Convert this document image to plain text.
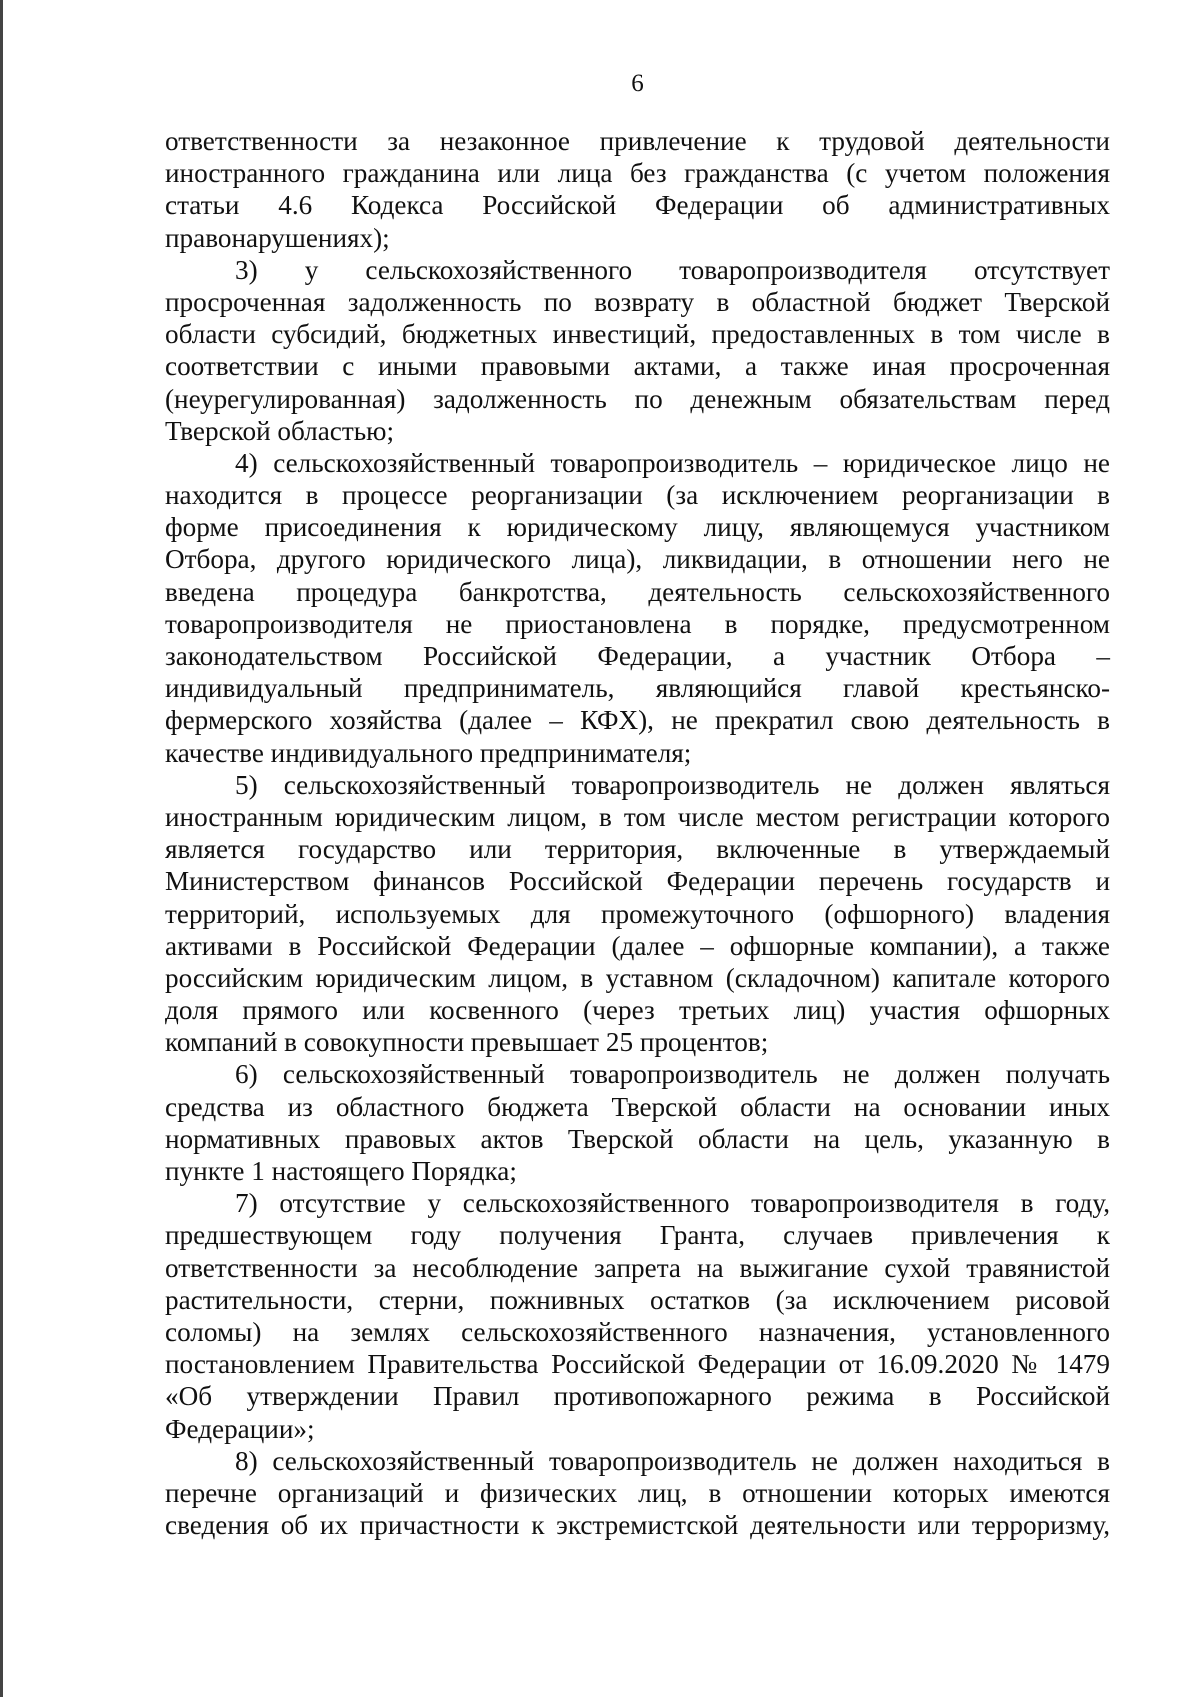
6
ответственности за незаконное привлечение к трудовой деятельности
иностранного гражданина или лица без гражданства (с учетом положения
статьи 4.6 Кодекса Российской Федерации об административных
правонарушениях);
3) у сельскохозяйственного товаропроизводителя отсутствует
просроченная задолженность по возврату в областной бюджет Тверской
области субсидий, бюджетных инвестиций, предоставленных в том числе в
соответствии с иными правовыми актами, а также иная просроченная
(неурегулированная) задолженность по денежным обязательствам перед
Тверской областью;
4) сельскохозяйственный товаропроизводитель – юридическое лицо не
находится в процессе реорганизации (за исключением реорганизации в
форме присоединения к юридическому лицу, являющемуся участником
Отбора, другого юридического лица), ликвидации, в отношении него не
введена процедура банкротства, деятельность сельскохозяйственного
товаропроизводителя не приостановлена в порядке, предусмотренном
законодательством Российской Федерации, а участник Отбора –
индивидуальный предприниматель, являющийся главой крестьянско-
фермерского хозяйства (далее – КФХ), не прекратил свою деятельность в
качестве индивидуального предпринимателя;
5) сельскохозяйственный товаропроизводитель не должен являться
иностранным юридическим лицом, в том числе местом регистрации которого
является государство или территория, включенные в утверждаемый
Министерством финансов Российской Федерации перечень государств и
территорий, используемых для промежуточного (офшорного) владения
активами в Российской Федерации (далее – офшорные компании), а также
российским юридическим лицом, в уставном (складочном) капитале которого
доля прямого или косвенного (через третьих лиц) участия офшорных
компаний в совокупности превышает 25 процентов;
6) сельскохозяйственный товаропроизводитель не должен получать
средства из областного бюджета Тверской области на основании иных
нормативных правовых актов Тверской области на цель, указанную в
пункте 1 настоящего Порядка;
7) отсутствие у сельскохозяйственного товаропроизводителя в году,
предшествующем году получения Гранта, случаев привлечения к
ответственности за несоблюдение запрета на выжигание сухой травянистой
растительности, стерни, пожнивных остатков (за исключением рисовой
соломы) на землях сельскохозяйственного назначения, установленного
постановлением Правительства Российской Федерации от 16.09.2020 № 1479
«Об утверждении Правил противопожарного режима в Российской
Федерации»;
8) сельскохозяйственный товаропроизводитель не должен находиться в
перечне организаций и физических лиц, в отношении которых имеются
сведения об их причастности к экстремистской деятельности или терроризму,
